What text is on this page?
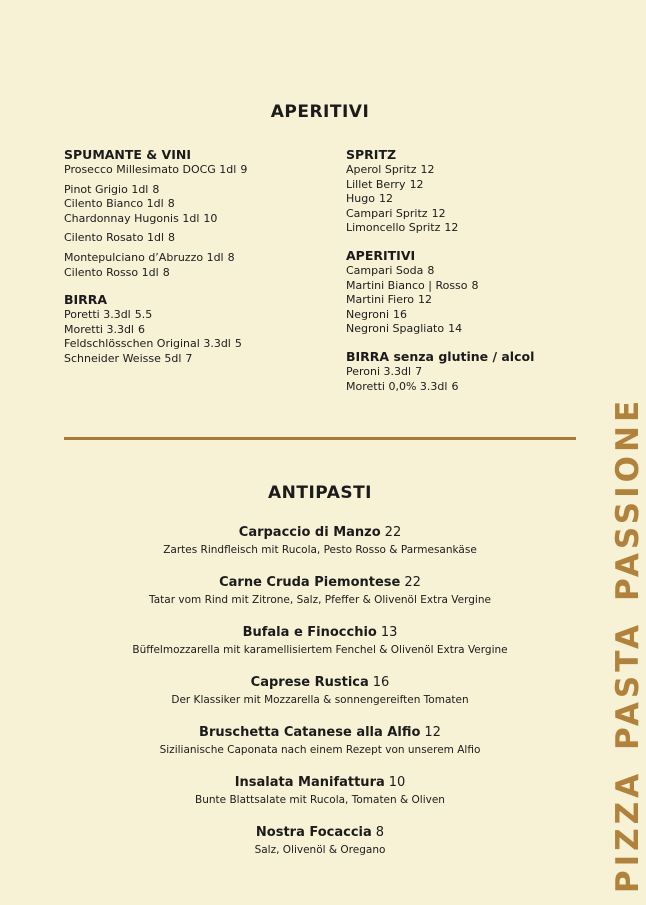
APERITIVI
SPUMANTE & VINI
Prosecco Millesimato DOCG 1dl 9
Pinot Grigio 1dl 8
Cilento Bianco 1dl 8
Chardonnay Hugonis 1dl 10
Cilento Rosato 1dl 8
Montepulciano d’Abruzzo 1dl 8
Cilento Rosso 1dl 8
BIRRA
Poretti 3.3dl 5.5
Moretti 3.3dl 6
Feldschlösschen Original 3.3dl 5
Schneider Weisse 5dl 7
SPRITZ
Aperol Spritz 12
Lillet Berry 12
Hugo 12
Campari Spritz 12
Limoncello Spritz 12
APERITIVI
Campari Soda 8
Martini Bianco | Rosso 8
Martini Fiero 12
Negroni 16
Negroni Spagliato 14
BIRRA senza glutine / alcol
Peroni 3.3dl 7
Moretti 0,0% 3.3dl 6
ANTIPASTI
Carpaccio di Manzo 22
Zartes Rindfleisch mit Rucola, Pesto Rosso & Parmesankäse
Carne Cruda Piemontese 22
Tatar vom Rind mit Zitrone, Salz, Pfeffer & Olivenöl Extra Vergine
Bufala e Finocchio 13
Büffelmozzarella mit karamellisiertem Fenchel & Olivenöl Extra Vergine
Caprese Rustica 16
Der Klassiker mit Mozzarella & sonnengereiften Tomaten
Bruschetta Catanese alla Alfio 12
Sizilianische Caponata nach einem Rezept von unserem Alfio
Insalata Manifattura 10
Bunte Blattsalate mit Rucola, Tomaten & Oliven
Nostra Focaccia 8
Salz, Olivenöl & Oregano	PIZZAPASTAPASSIONE
